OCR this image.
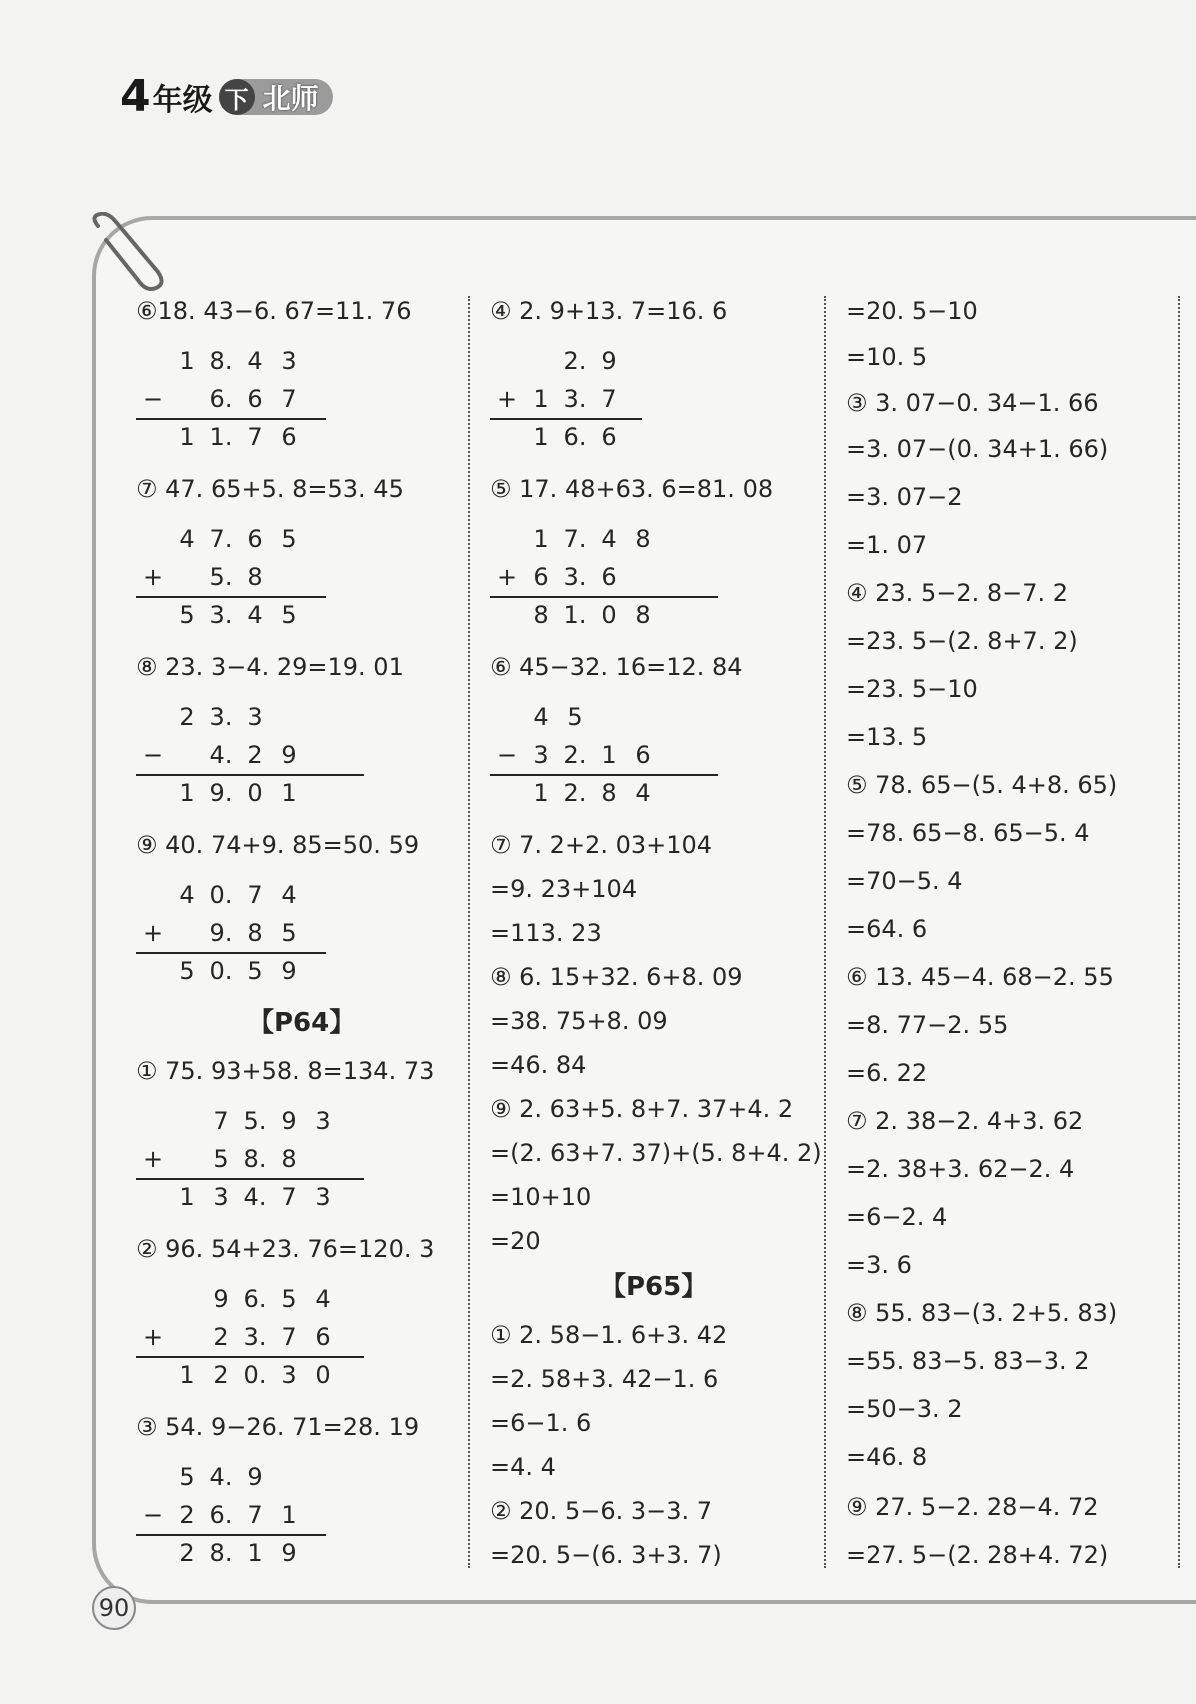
4 年级 下 北师
⑥18. 43−6. 67=11. 76
1 8. 4 3
− 6. 6 7
1 1. 7 6
⑦ 47. 65+5. 8=53. 45
4 7. 6 5
+ 5. 8
5 3. 4 5
⑧ 23. 3−4. 29=19. 01
2 3. 3
− 4. 2 9
1 9. 0 1
⑨ 40. 74+9. 85=50. 59
4 0. 7 4
+ 9. 8 5
5 0. 5 9
【P64】
① 75. 93+58. 8=134. 73
7 5. 9 3
+ 5 8. 8
1 3 4. 7 3
② 96. 54+23. 76=120. 3
9 6. 5 4
+ 2 3. 7 6
1 2 0. 3 0
③ 54. 9−26. 71=28. 19
5 4. 9
− 2 6. 7 1
2 8. 1 9
④ 2. 9+13. 7=16. 6
2. 9
+ 1 3. 7
1 6. 6
⑤ 17. 48+63. 6=81. 08
1 7. 4 8
+ 6 3. 6
8 1. 0 8
⑥ 45−32. 16=12. 84
4 5
− 3 2. 1 6
1 2. 8 4
⑦ 7. 2+2. 03+104
=9. 23+104
=113. 23
⑧ 6. 15+32. 6+8. 09
=38. 75+8. 09
=46. 84
⑨ 2. 63+5. 8+7. 37+4. 2
=(2. 63+7. 37)+(5. 8+4. 2)
=10+10
=20
【P65】
① 2. 58−1. 6+3. 42
=2. 58+3. 42−1. 6
=6−1. 6
=4. 4
② 20. 5−6. 3−3. 7
=20. 5−(6. 3+3. 7)
=20. 5−10
=10. 5
③ 3. 07−0. 34−1. 66
=3. 07−(0. 34+1. 66)
=3. 07−2
=1. 07
④ 23. 5−2. 8−7. 2
=23. 5−(2. 8+7. 2)
=23. 5−10
=13. 5
⑤ 78. 65−(5. 4+8. 65)
=78. 65−8. 65−5. 4
=70−5. 4
=64. 6
⑥ 13. 45−4. 68−2. 55
=8. 77−2. 55
=6. 22
⑦ 2. 38−2. 4+3. 62
=2. 38+3. 62−2. 4
=6−2. 4
=3. 6
⑧ 55. 83−(3. 2+5. 83)
=55. 83−5. 83−3. 2
=50−3. 2
=46. 8
⑨ 27. 5−2. 28−4. 72
=27. 5−(2. 28+4. 72)
90
